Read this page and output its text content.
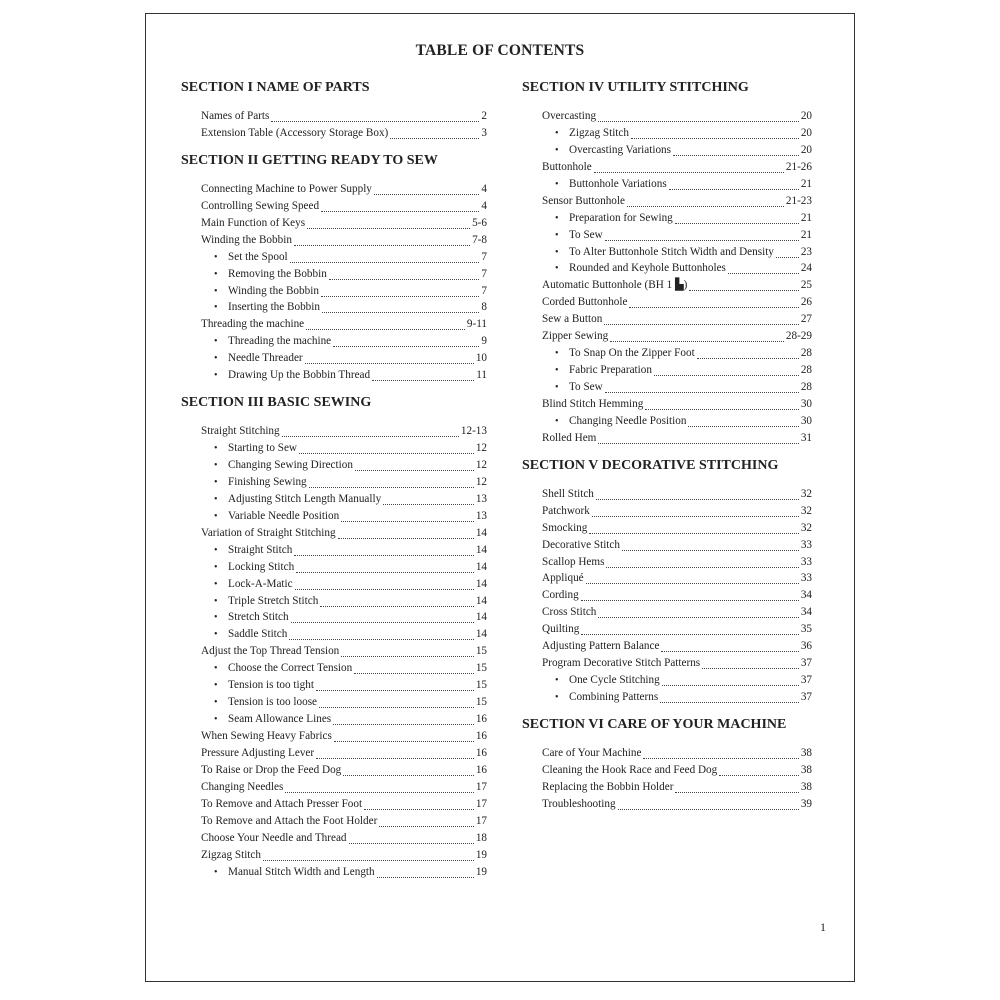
TABLE OF CONTENTS
SECTION I NAME OF PARTS
Names of Parts	2
Extension Table (Accessory Storage Box)	3
SECTION II GETTING READY TO SEW
Connecting Machine to Power Supply	4
Controlling Sewing Speed	4
Main Function of Keys	5-6
Winding the Bobbin	7-8
• Set the Spool	7
• Removing the Bobbin	7
• Winding the Bobbin	7
• Inserting the Bobbin	8
Threading the machine	9-11
• Threading the machine	9
• Needle Threader	10
• Drawing Up the Bobbin Thread	11
SECTION III BASIC SEWING
Straight Stitching	12-13
• Starting to Sew	12
• Changing Sewing Direction	12
• Finishing Sewing	12
• Adjusting Stitch Length Manually	13
• Variable Needle Position	13
Variation of Straight Stitching	14
• Straight Stitch	14
• Locking Stitch	14
• Lock-A-Matic	14
• Triple Stretch Stitch	14
• Stretch Stitch	14
• Saddle Stitch	14
Adjust the Top Thread Tension	15
• Choose the Correct Tension	15
• Tension is too tight	15
• Tension is too loose	15
• Seam Allowance Lines	16
When Sewing Heavy Fabrics	16
Pressure Adjusting Lever	16
To Raise or Drop the Feed Dog	16
Changing Needles	17
To Remove and Attach Presser Foot	17
To Remove and Attach the Foot Holder	17
Choose Your Needle and Thread	18
Zigzag Stitch	19
• Manual Stitch Width and Length	19
SECTION IV UTILITY STITCHING
Overcasting	20
• Zigzag Stitch	20
• Overcasting Variations	20
Buttonhole	21-26
• Buttonhole Variations	21
Sensor Buttonhole	21-23
• Preparation for Sewing	21
• To Sew	21
• To Alter Buttonhole Stitch Width and Density 23
• Rounded and Keyhole Buttonholes	24
Automatic Buttonhole (BH 1 ▙)	25
Corded Buttonhole	26
Sew a Button	27
Zipper Sewing	28-29
• To Snap On the Zipper Foot	28
• Fabric Preparation	28
• To Sew	28
Blind Stitch Hemming	30
• Changing Needle Position	30
Rolled Hem	31
SECTION V DECORATIVE STITCHING
Shell Stitch	32
Patchwork	32
Smocking	32
Decorative Stitch	33
Scallop Hems	33
Appliqué	33
Cording	34
Cross Stitch	34
Quilting	35
Adjusting Pattern Balance	36
Program Decorative Stitch Patterns	37
• One Cycle Stitching	37
• Combining Patterns	37
SECTION VI CARE OF YOUR MACHINE
Care of Your Machine	38
Cleaning the Hook Race and Feed Dog	38
Replacing the Bobbin Holder	38
Troubleshooting	39
1
